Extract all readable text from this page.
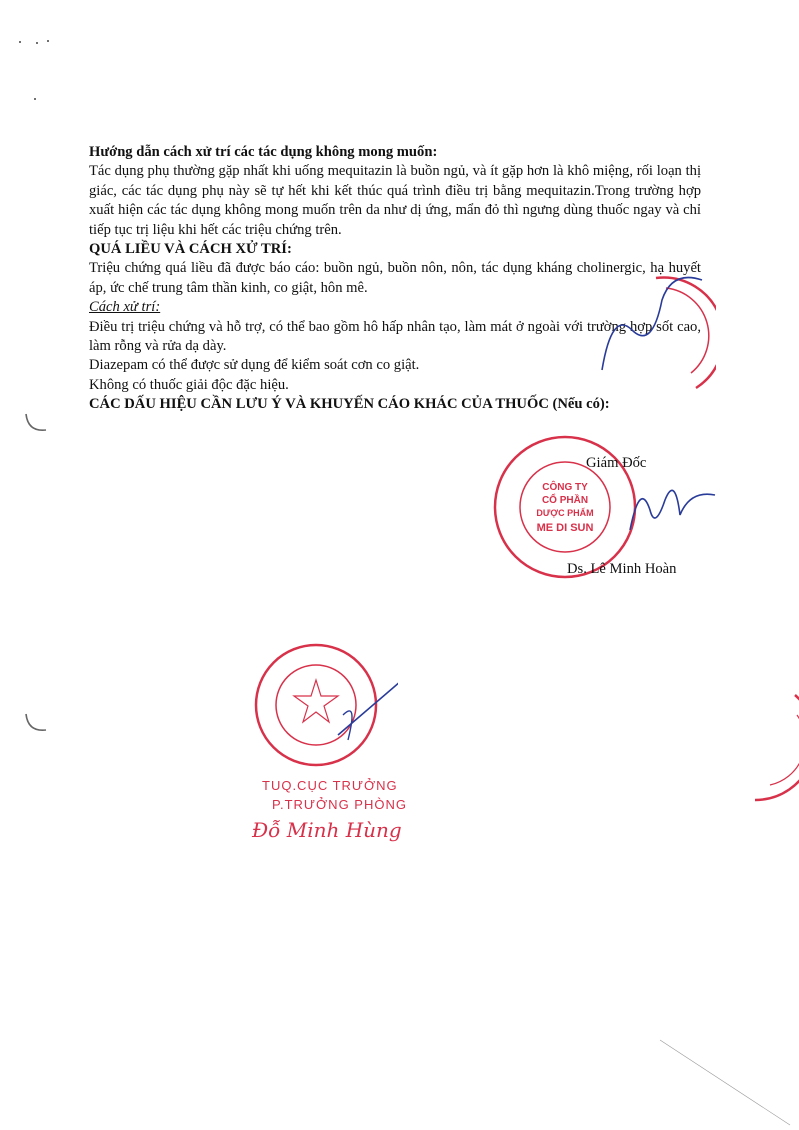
Hướng dẫn cách xử trí các tác dụng không mong muốn:

Tác dụng phụ thường gặp nhất khi uống mequitazin là buồn ngủ, và ít gặp hơn là khô miệng, rối loạn thị giác, các tác dụng phụ này sẽ tự hết khi kết thúc quá trình điều trị bằng mequitazin.Trong trường hợp xuất hiện các tác dụng không mong muốn trên da như dị ứng, mẩn đỏ thì ngưng dùng thuốc ngay và chỉ tiếp tục trị liệu khi hết các triệu chứng trên.

QUÁ LIỀU VÀ CÁCH XỬ TRÍ:

Triệu chứng quá liều đã được báo cáo: buồn ngủ, buồn nôn, nôn, tác dụng kháng cholinergic, hạ huyết áp, ức chế trung tâm thần kinh, co giật, hôn mê.

Cách xử trí:

Điều trị triệu chứng và hỗ trợ, có thể bao gồm hô hấp nhân tạo, làm mát ở ngoài với trường hợp sốt cao, làm rỗng và rửa dạ dày.

Diazepam có thể được sử dụng để kiểm soát cơn co giật.

Không có thuốc giải độc đặc hiệu.

CÁC DẤU HIỆU CẦN LƯU Ý VÀ KHUYẾN CÁO KHÁC CỦA THUỐC (Nếu có):

CÔNG TY
CỔ PHẦN
DƯỢC PHẨM
ME DI SUN
Giám Đốc
Ds. Lê Minh Hoàn
TUQ.CỤC TRƯỞNG
P.TRƯỞNG PHÒNG
Đỗ Minh Hùng
